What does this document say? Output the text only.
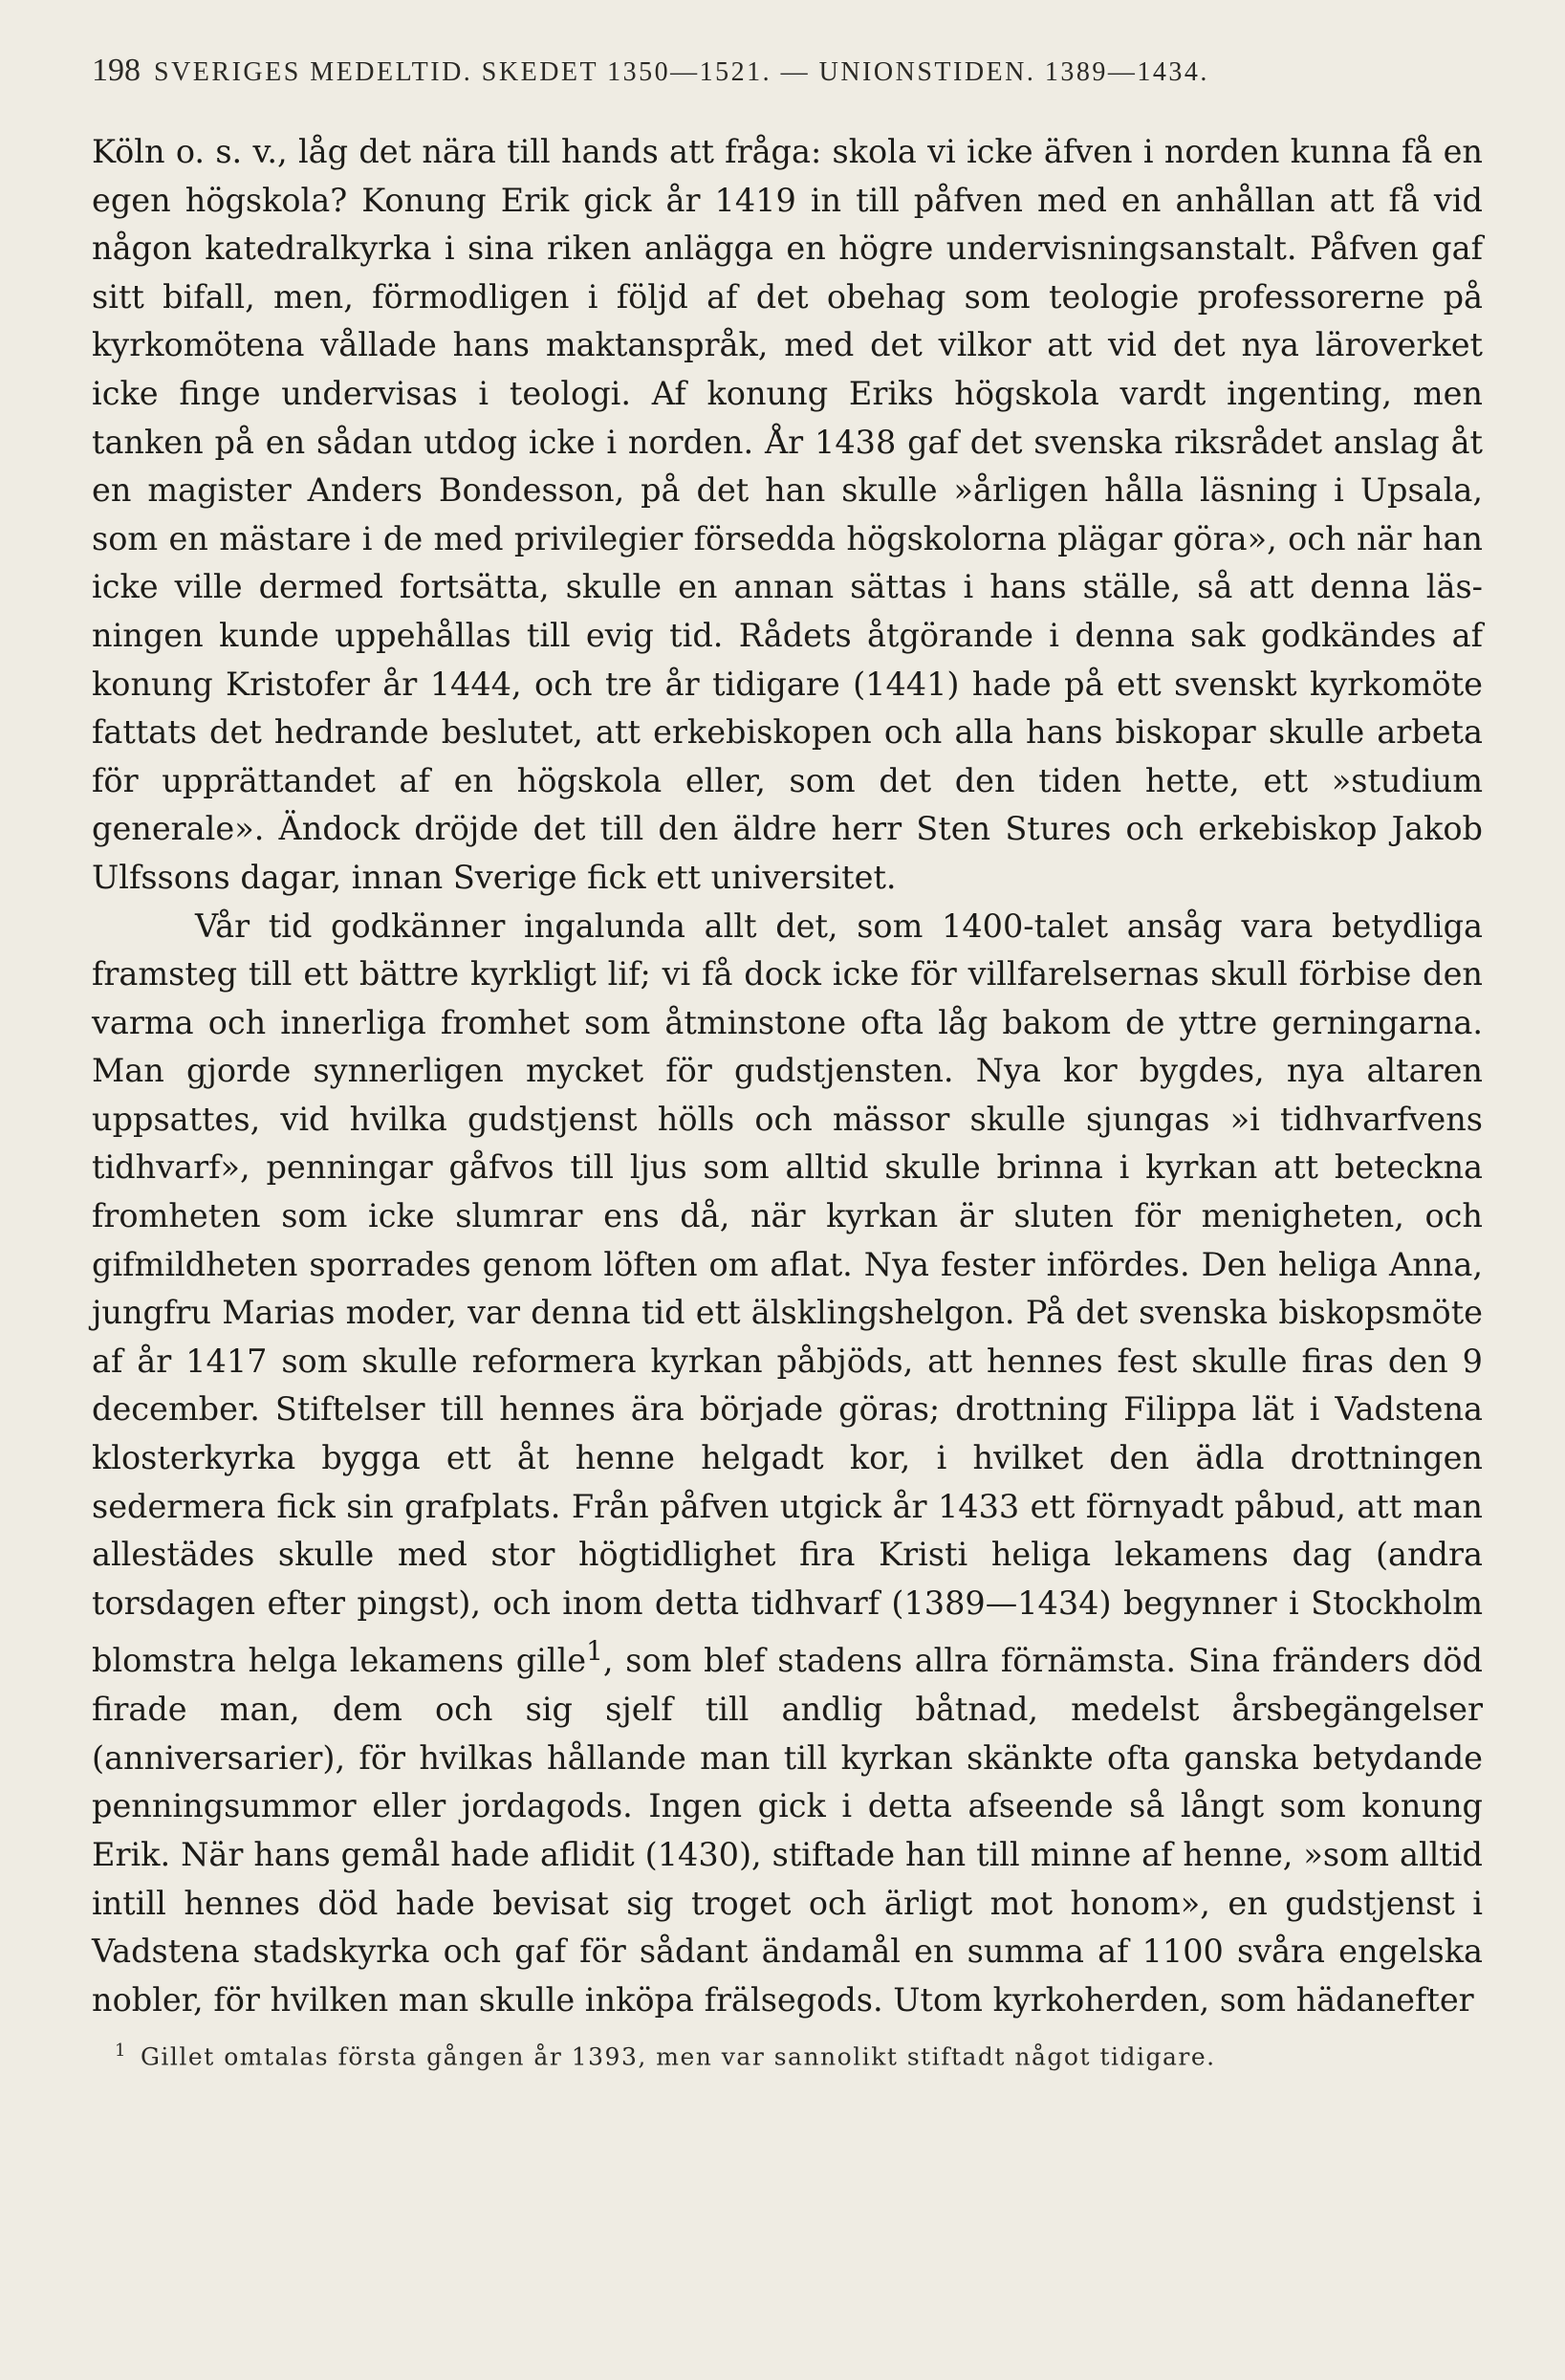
198 SVERIGES MEDELTID. SKEDET 1350—1521. — UNIONSTIDEN. 1389—1434.

Köln o. s. v., låg det nära till hands att fråga: skola vi icke äfven i norden kunna få en egen högskola? Konung Erik gick år 1419 in till påfven med en anhållan att få vid någon katedralkyrka i sina riken anlägga en högre undervisningsanstalt. Påfven gaf sitt bifall, men, förmodligen i följd af det obehag som teologie professorerne på kyrkomötena vållade hans maktanspråk, med det vilkor att vid det nya läroverket icke finge undervisas i teologi. Af konung Eriks högskola vardt ingenting, men tanken på en sådan utdog icke i norden. År 1438 gaf det svenska riksrådet anslag åt en magister Anders Bondesson, på det han skulle »årligen hålla läsning i Upsala, som en mästare i de med privilegier försedda högskolorna plägar göra», och när han icke ville dermed fortsätta, skulle en annan sättas i hans ställe, så att denna läsningen kunde uppehållas till evig tid. Rådets åtgörande i denna sak godkändes af konung Kristofer år 1444, och tre år tidigare (1441) hade på ett svenskt kyrkomöte fattats det hedrande beslutet, att erkebiskopen och alla hans biskopar skulle arbeta för upprättandet af en högskola eller, som det den tiden hette, ett »studium generale». Ändock dröjde det till den äldre herr Sten Stures och erkebiskop Jakob Ulfssons dagar, innan Sverige fick ett universitet.

Vår tid godkänner ingalunda allt det, som 1400-talet ansåg vara betydliga framsteg till ett bättre kyrkligt lif; vi få dock icke för villfarelsernas skull förbise den varma och innerliga fromhet som åtminstone ofta låg bakom de yttre gerningarna. Man gjorde synnerligen mycket för gudstjensten. Nya kor bygdes, nya altaren uppsattes, vid hvilka gudstjenst hölls och mässor skulle sjungas »i tidhvarfvens tidhvarf», penningar gåfvos till ljus som alltid skulle brinna i kyrkan att beteckna fromheten som icke slumrar ens då, när kyrkan är sluten för menigheten, och gifmildheten sporrades genom löften om aflat. Nya fester infördes. Den heliga Anna, jungfru Marias moder, var denna tid ett älsklingshelgon. På det svenska biskopsmöte af år 1417 som skulle reformera kyrkan påbjöds, att hennes fest skulle firas den 9 december. Stiftelser till hennes ära började göras; drottning Filippa lät i Vadstena klosterkyrka bygga ett åt henne helgadt kor, i hvilket den ädla drottningen sedermera fick sin grafplats. Från påfven utgick år 1433 ett förnyadt påbud, att man allestädes skulle med stor högtidlighet fira Kristi heliga lekamens dag (andra torsdagen efter pingst), och inom detta tidhvarf (1389—1434) begynner i Stockholm blomstra helga lekamens gille$^1$, som blef stadens allra förnämsta. Sina fränders död firade man, dem och sig sjelf till andlig båtnad, medelst årsbegängelser (anniversarier), för hvilkas hållande man till kyrkan skänkte ofta ganska betydande penningsummor eller jordagods. Ingen gick i detta afseende så långt som konung Erik. När hans gemål hade aflidit (1430), stiftade han till minne af henne, »som alltid intill hennes död hade bevisat sig troget och ärligt mot honom», en gudstjenst i Vadstena stadskyrka och gaf för sådant ändamål en summa af 1100 svåra engelska nobler, för hvilken man skulle inköpa frälsegods. Utom kyrkoherden, som hädanefter

$^1$ Gillet omtalas första gången år 1393, men var sannolikt stiftadt något tidigare.
